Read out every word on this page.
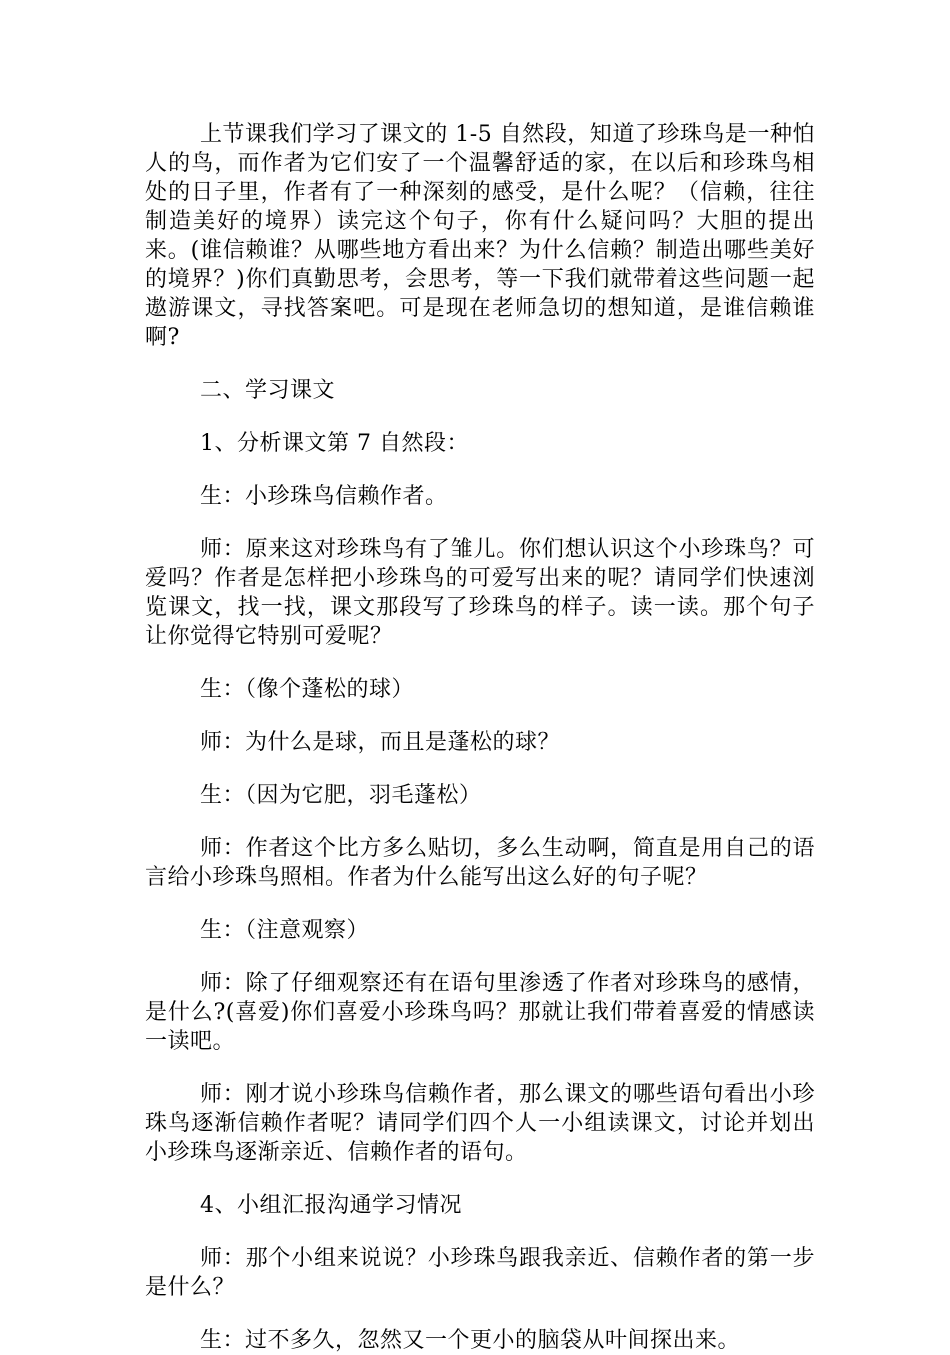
上节课我们学习了课文的 1-5 自然段，知道了珍珠鸟是一种怕人的鸟，而作者为它们安了一个温馨舒适的家，在以后和珍珠鸟相处的日子里，作者有了一种深刻的感受，是什么呢？（信赖，往往制造美好的境界）读完这个句子，你有什么疑问吗？大胆的提出来。(谁信赖谁？从哪些地方看出来？为什么信赖？制造出哪些美好的境界？)你们真勤思考，会思考，等一下我们就带着这些问题一起遨游课文，寻找答案吧。可是现在老师急切的想知道，是谁信赖谁啊?

二、学习课文

1、分析课文第 7 自然段：

生：小珍珠鸟信赖作者。

师：原来这对珍珠鸟有了雏儿。你们想认识这个小珍珠鸟？可爱吗？作者是怎样把小珍珠鸟的可爱写出来的呢？请同学们快速浏览课文，找一找，课文那段写了珍珠鸟的样子。读一读。那个句子让你觉得它特别可爱呢？

生：（像个蓬松的球）

师：为什么是球，而且是蓬松的球？

生：（因为它肥，羽毛蓬松）

师：作者这个比方多么贴切，多么生动啊，简直是用自己的语言给小珍珠鸟照相。作者为什么能写出这么好的句子呢？

生：（注意观察）

师：除了仔细观察还有在语句里渗透了作者对珍珠鸟的感情，是什么?(喜爱)你们喜爱小珍珠鸟吗？那就让我们带着喜爱的情感读一读吧。

师：刚才说小珍珠鸟信赖作者，那么课文的哪些语句看出小珍珠鸟逐渐信赖作者呢？请同学们四个人一小组读课文，讨论并划出小珍珠鸟逐渐亲近、信赖作者的语句。

4、小组汇报沟通学习情况

师：那个小组来说说？小珍珠鸟跟我亲近、信赖作者的第一步是什么？

生：过不多久，忽然又一个更小的脑袋从叶间探出来。
